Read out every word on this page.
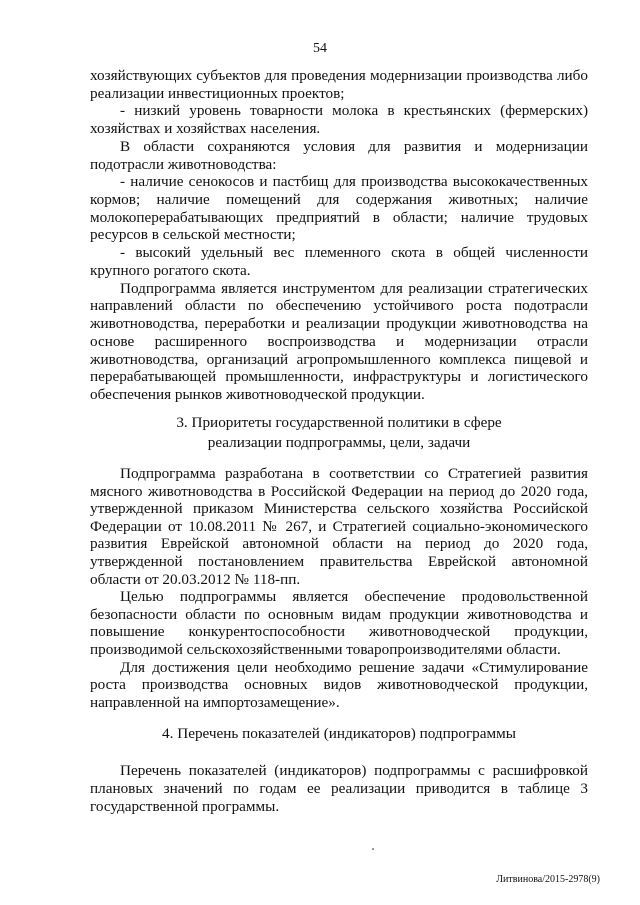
54
хозяйствующих субъектов для проведения модернизации производства либо
реализации инвестиционных проектов;
- низкий уровень товарности молока в крестьянских (фермерских)
хозяйствах и хозяйствах населения.
В области сохраняются условия для развития и модернизации
подотрасли животноводства:
- наличие сенокосов и пастбищ для производства высококачественных
кормов; наличие помещений для содержания животных; наличие
молокоперерабатывающих предприятий в области; наличие трудовых
ресурсов в сельской местности;
- высокий удельный вес племенного скота в общей численности
крупного рогатого скота.
Подпрограмма является инструментом для реализации стратегических
направлений области по обеспечению устойчивого роста подотрасли
животноводства, переработки и реализации продукции животноводства на
основе расширенного воспроизводства и модернизации отрасли
животноводства, организаций агропромышленного комплекса пищевой и
перерабатывающей промышленности, инфраструктуры и логистического
обеспечения рынков животноводческой продукции.
3. Приоритеты государственной политики в сфере
реализации подпрограммы, цели, задачи
Подпрограмма разработана в соответствии со Стратегией развития
мясного животноводства в Российской Федерации на период до 2020 года,
утвержденной приказом Министерства сельского хозяйства Российской
Федерации от 10.08.2011 № 267, и Стратегией социально-экономического
развития Еврейской автономной области на период до 2020 года,
утвержденной постановлением правительства Еврейской автономной
области от 20.03.2012 № 118-пп.
Целью подпрограммы является обеспечение продовольственной
безопасности области по основным видам продукции животноводства и
повышение конкурентоспособности животноводческой продукции,
производимой сельскохозяйственными товаропроизводителями области.
Для достижения цели необходимо решение задачи «Стимулирование
роста производства основных видов животноводческой продукции,
направленной на импортозамещение».
4. Перечень показателей (индикаторов) подпрограммы
Перечень показателей (индикаторов) подпрограммы с расшифровкой
плановых значений по годам ее реализации приводится в таблице 3
государственной программы.
Литвинова/2015-2978(9)
